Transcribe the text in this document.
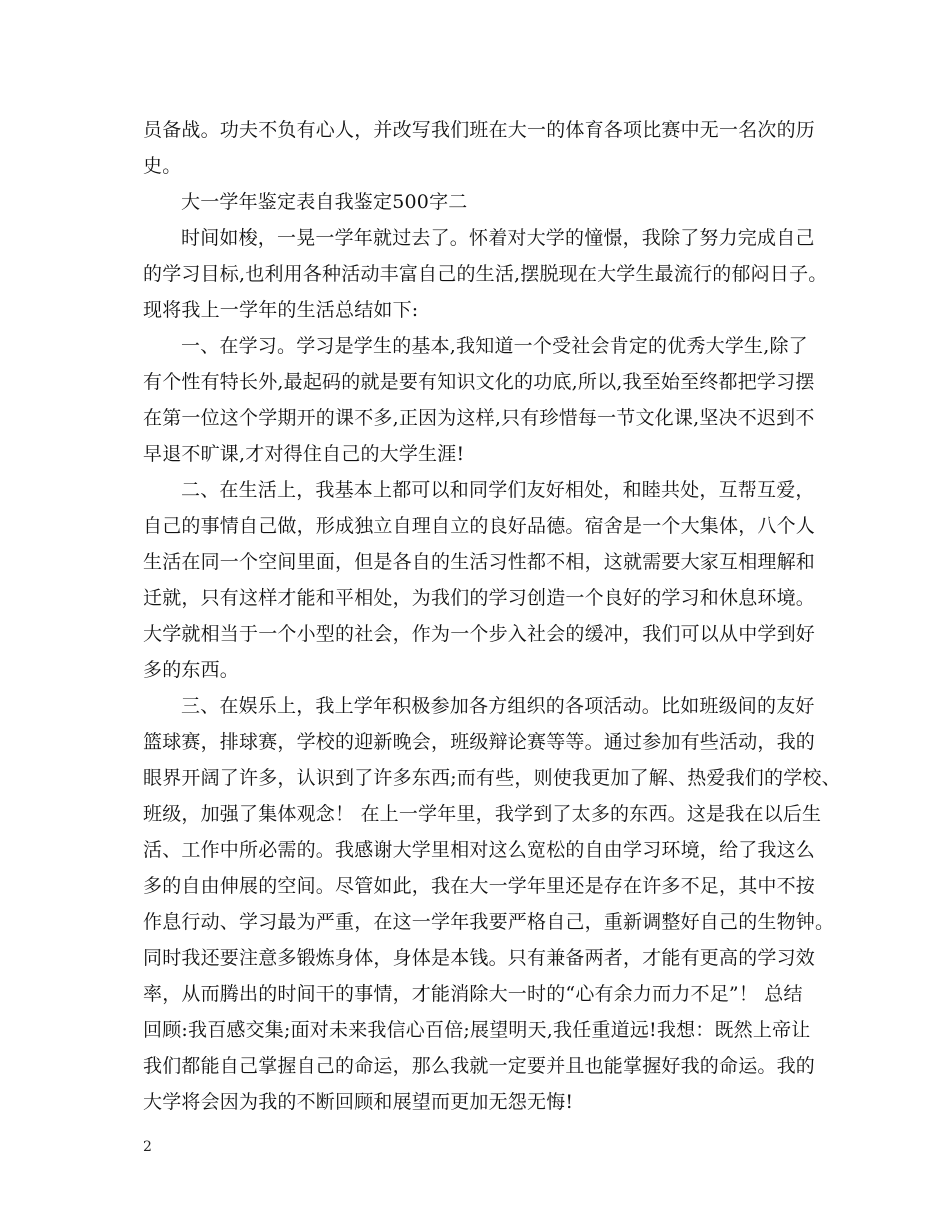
员备战。功夫不负有心人，并改写我们班在大一的体育各项比赛中无一名次的历
史。
大一学年鉴定表自我鉴定500字二
时间如梭，一晃一学年就过去了。怀着对大学的憧憬，我除了努力完成自己
的学习目标,也利用各种活动丰富自己的生活,摆脱现在大学生最流行的郁闷日子。
现将我上一学年的生活总结如下:
一、在学习。学习是学生的基本,我知道一个受社会肯定的优秀大学生,除了
有个性有特长外,最起码的就是要有知识文化的功底,所以,我至始至终都把学习摆
在第一位这个学期开的课不多,正因为这样,只有珍惜每一节文化课,坚决不迟到不
早退不旷课,才对得住自己的大学生涯!
二、在生活上，我基本上都可以和同学们友好相处，和睦共处，互帮互爱，
自己的事情自己做，形成独立自理自立的良好品德。宿舍是一个大集体，八个人
生活在同一个空间里面，但是各自的生活习性都不相，这就需要大家互相理解和
迁就，只有这样才能和平相处，为我们的学习创造一个良好的学习和休息环境。
大学就相当于一个小型的社会，作为一个步入社会的缓冲，我们可以从中学到好
多的东西。
三、在娱乐上，我上学年积极参加各方组织的各项活动。比如班级间的友好
篮球赛，排球赛，学校的迎新晚会，班级辩论赛等等。通过参加有些活动，我的
眼界开阔了许多，认识到了许多东西;而有些，则使我更加了解、热爱我们的学校、
班级，加强了集体观念！ 在上一学年里，我学到了太多的东西。这是我在以后生
活、工作中所必需的。我感谢大学里相对这么宽松的自由学习环境，给了我这么
多的自由伸展的空间。尽管如此，我在大一学年里还是存在许多不足，其中不按
作息行动、学习最为严重，在这一学年我要严格自己，重新调整好自己的生物钟。
同时我还要注意多锻炼身体，身体是本钱。只有兼备两者，才能有更高的学习效
率，从而腾出的时间干的事情，才能消除大一时的“心有余力而力不足”！ 总结
回顾:我百感交集;面对未来我信心百倍;展望明天,我任重道远!我想：既然上帝让
我们都能自己掌握自己的命运，那么我就一定要并且也能掌握好我的命运。我的
大学将会因为我的不断回顾和展望而更加无怨无悔!
2
